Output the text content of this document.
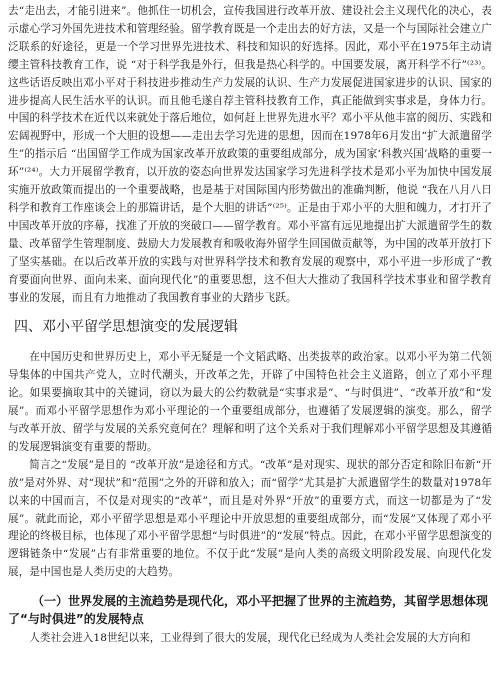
去“走出去，才能引进来”。他抓住一切机会，宣传我国进行改革开放、建设社会主义现代化的决心，表示虚心学习外国先进技术和管理经验。留学教育既是一个走出去的好方法，又是一个与国际社会建立广泛联系的好途径，更是一个学习世界先进技术、科技和知识的好选择。因此，邓小平在1975年主动请缨主管科技教育工作，说 “对于科学我是外行，但我是热心科学的。中国要发展，离开科学不行”⁽²³⁾。这些话语反映出邓小平对于科技进步推动生产力发展的认识、生产力发展促进国家进步的认识、国家的进步提高人民生活水平的认识。而且他毛遂自荐主管科技教育工作，真正能做到实事求是，身体力行。中国的科学技术在近代以来就处于落后地位，如何赶上世界先进水平？邓小平从他丰富的阅历、实践和宏阔视野中，形成一个大胆的设想——走出去学习先进的思想，因而在1978年6月发出“扩大派遣留学生”的指示后 “出国留学工作成为国家改革开放政策的重要组成部分，成为国家‘科教兴国’战略的重要一环”⁽²⁴⁾。大力开展留学教育，以开放的姿态向世界发达国家学习先进科学技术是邓小平为加快中国发展实施开放政策而提出的一个重要战略，也是基于对国际国内形势做出的准确判断，他说 “我在八月八日科学和教育工作座谈会上的那篇讲话，是个大胆的讲话”⁽²⁵⁾。正是由于邓小平的大胆和魄力，才打开了中国改革开放的序幕，找准了开放的突破口——留学教育。邓小平富有远见地提出扩大派遣留学生的数量、改革留学生管理制度、鼓励大力发展教育和吸收海外留学生回国做贡献等，为中国的改革开放打下了坚实基础。在以后改革开放的实践与对世界科学技术和教育发展的观察中，邓小平进一步形成了“教育要面向世界、面向未来、面向现代化”的重要思想，这不但大大推动了我国科学技术事业和留学教育事业的发展，而且有力地推动了我国教育事业的大踏步飞跃。

四、邓小平留学思想演变的发展逻辑

在中国历史和世界历史上，邓小平无疑是一个文韬武略、出类拔萃的政治家。以邓小平为第二代领导集体的中国共产党人，立时代潮头，开改革之先，开辟了中国特色社会主义道路，创立了邓小平理论。如果要摘取其中的关键词，窃以为最大的公约数就是“实事求是”、“与时俱进”、“改革开放”和“发展”。而邓小平留学思想作为邓小平理论的一个重要组成部分，也遵循了发展逻辑的演变。那么，留学与改革开放、留学与发展的关系究竟何在？理解和明了这个关系对于我们理解邓小平留学思想及其遵循的发展逻辑演变有重要的帮助。

简言之“发展”是目的 “改革开放”是途径和方式。“改革”是对现实、现状的部分否定和除旧布新“开放”是对外界、对“现状”和“范围”之外的开辟和放入；而“留学”尤其是扩大派遣留学生的数量对1978年以来的中国而言，不仅是对现实的“改革”，而且是对外界“开放”的重要方式，而这一切都是为了“发展”。就此而论，邓小平留学思想是邓小平理论中开放思想的重要组成部分，而“发展”又体现了邓小平理论的终极目标，也体现了邓小平留学思想“与时俱进”的“发展”特点。因此，在邓小平留学思想演变的逻辑链条中“发展”占有非常重要的地位。不仅于此“发展”是向人类的高级文明阶段发展、向现代化发展，是中国也是人类历史的大趋势。

（一）世界发展的主流趋势是现代化，邓小平把握了世界的主流趋势，其留学思想体现了“与时俱进”的发展特点

人类社会进入18世纪以来，工业得到了很大的发展，现代化已经成为人类社会发展的大方向和
